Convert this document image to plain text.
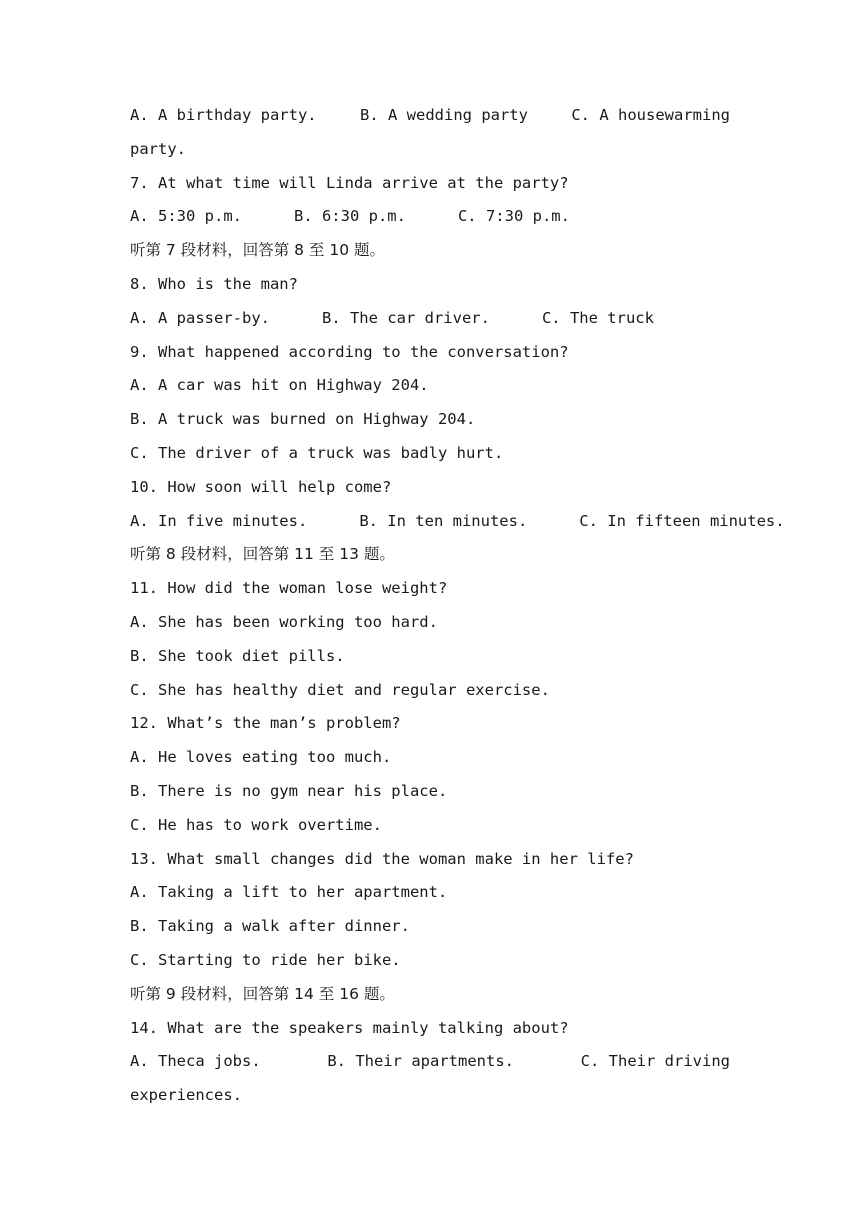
A. A birthday party.	B. A wedding party	C. A housewarming
party.
7. At what time will Linda arrive at the party?
A. 5:30 p.m.	B. 6:30 p.m.	C. 7:30 p.m.
听第 7 段材料，回答第 8 至 10 题。
8. Who is the man?
A. A passer-by.	B. The car driver.	C. The truck
9. What happened according to the conversation?
A. A car was hit on Highway 204.
B. A truck was burned on Highway 204.
C. The driver of a truck was badly hurt.
10. How soon will help come?
A. In five minutes.	B. In ten minutes.	C. In fifteen minutes.
听第 8 段材料，回答第 11 至 13 题。
11. How did the woman lose weight?
A. She has been working too hard.
B. She took diet pills.
C. She has healthy diet and regular exercise.
12. What’s the man’s problem?
A. He loves eating too much.
B. There is no gym near his place.
C. He has to work overtime.
13. What small changes did the woman make in her life?
A. Taking a lift to her apartment.
B. Taking a walk after dinner.
C. Starting to ride her bike.
听第 9 段材料，回答第 14 至 16 题。
14. What are the speakers mainly talking about?
A. Theca jobs.	B. Their apartments.	C. Their driving
experiences.
